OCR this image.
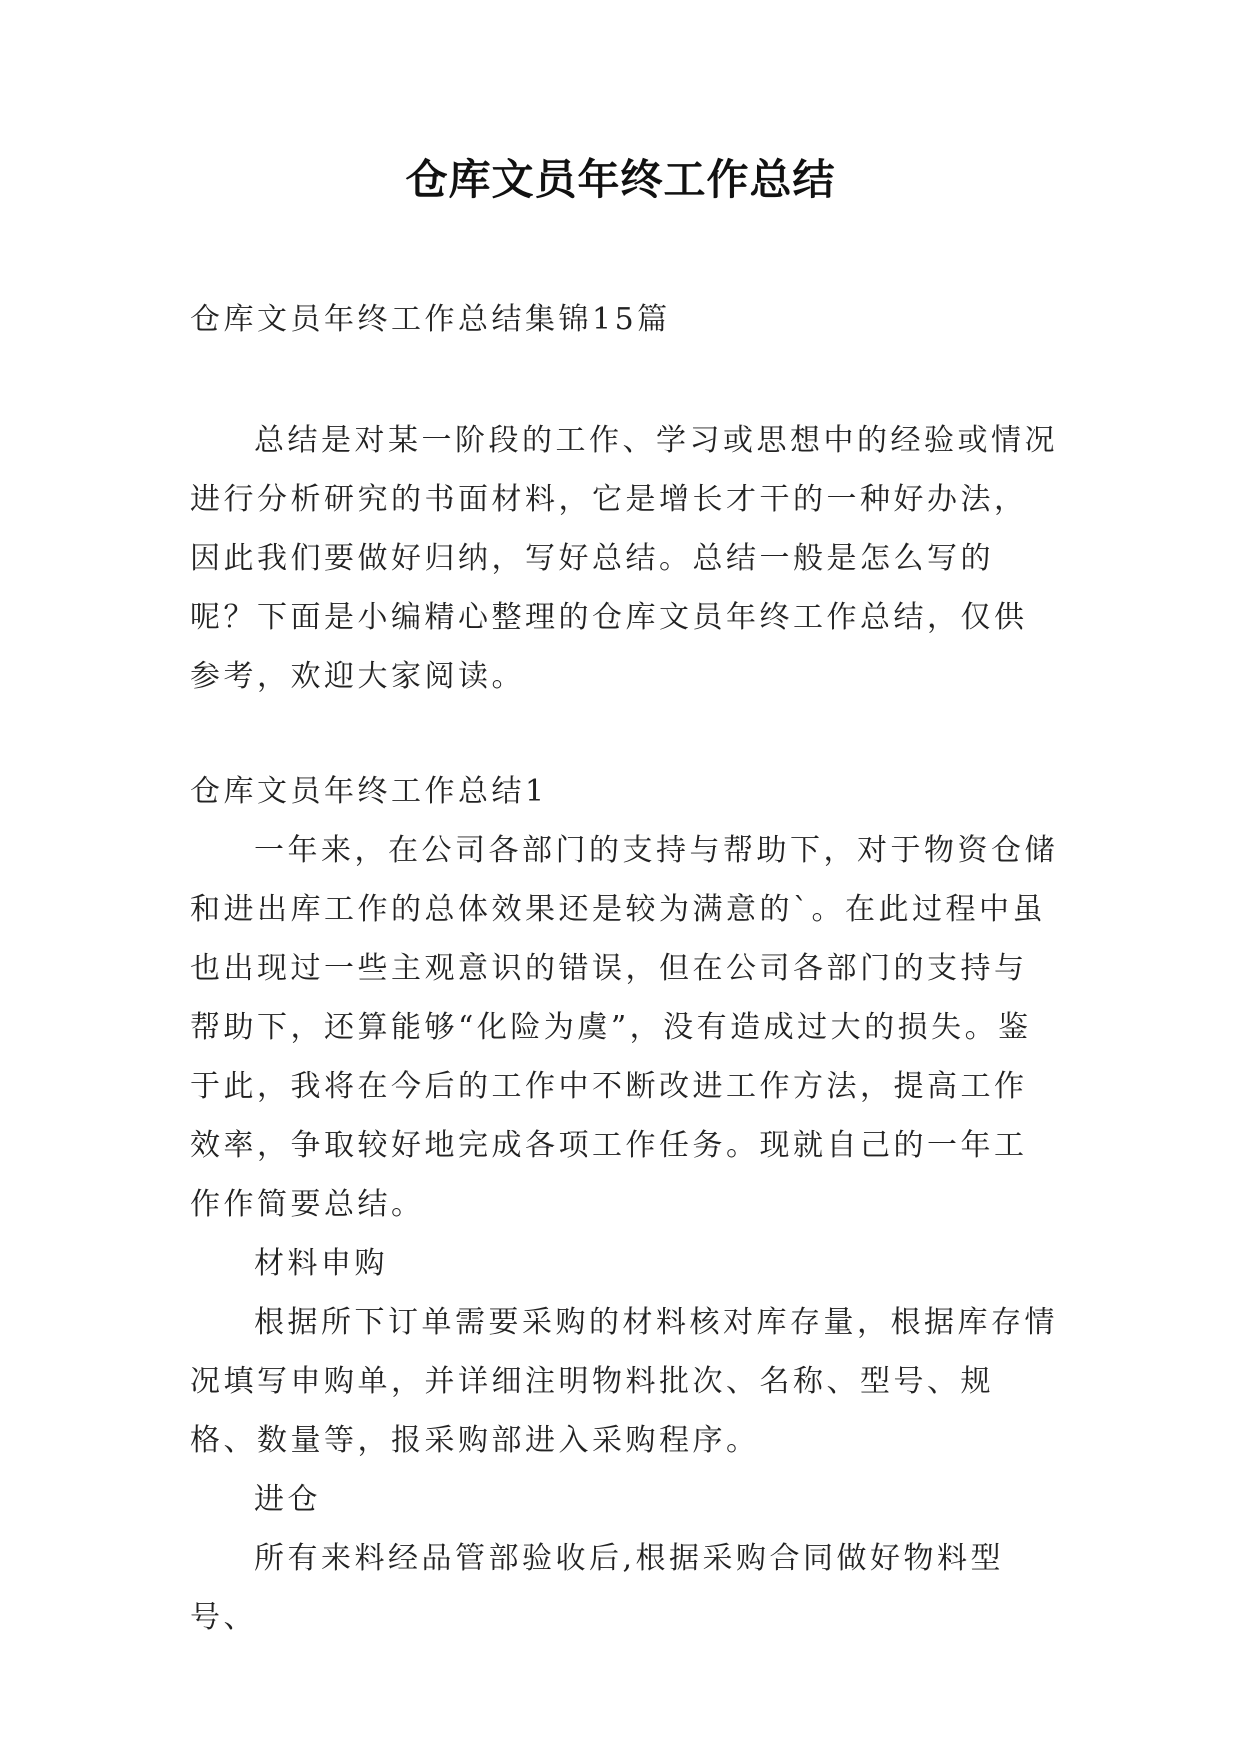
仓库文员年终工作总结

仓库文员年终工作总结集锦15篇

总结是对某一阶段的工作、学习或思想中的经验或情况进行分析研究的书面材料，它是增长才干的一种好办法，因此我们要做好归纳，写好总结。总结一般是怎么写的呢？下面是小编精心整理的仓库文员年终工作总结，仅供参考，欢迎大家阅读。

仓库文员年终工作总结1

一年来，在公司各部门的支持与帮助下，对于物资仓储和进出库工作的总体效果还是较为满意的`。在此过程中虽也出现过一些主观意识的错误，但在公司各部门的支持与帮助下，还算能够“化险为虞”，没有造成过大的损失。鉴于此，我将在今后的工作中不断改进工作方法，提高工作效率，争取较好地完成各项工作任务。现就自己的一年工作作简要总结。

材料申购

根据所下订单需要采购的材料核对库存量，根据库存情况填写申购单，并详细注明物料批次、名称、型号、规格、数量等，报采购部进入采购程序。

进仓

所有来料经品管部验收后,根据采购合同做好物料型号、
